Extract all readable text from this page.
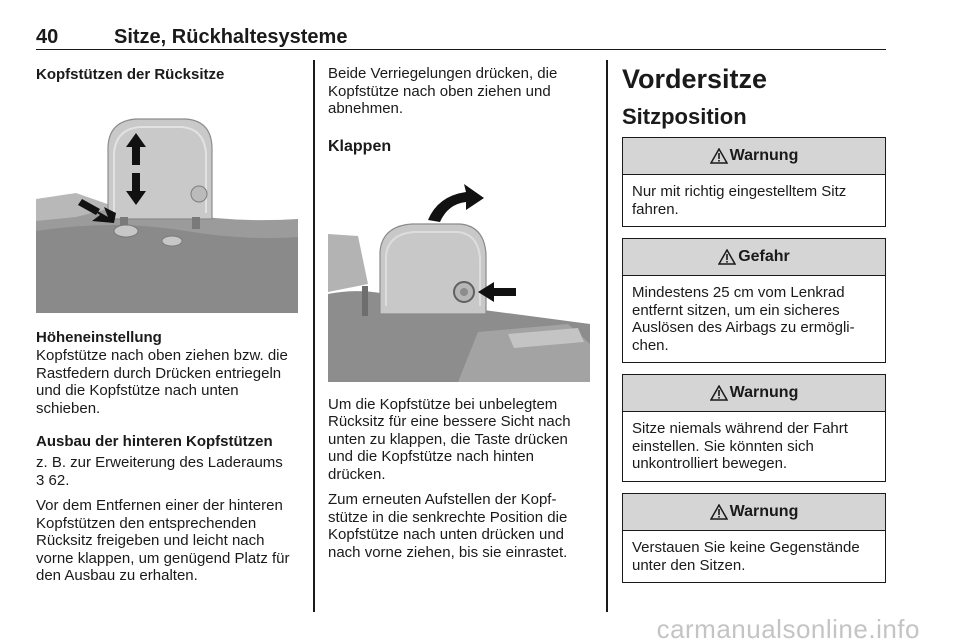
40	Sitze, Rückhaltesysteme
Kopfstützen der Rücksitze
Höheneinstellung
Kopfstütze nach oben ziehen bzw. die Rastfedern durch Drücken entriegeln und die Kopfstütze nach unten schieben.
Ausbau der hinteren Kopfstützen
z. B. zur Erweiterung des Laderaums
3 62.
Vor dem Entfernen einer der hinteren Kopfstützen den entsprechenden Rücksitz freigeben und leicht nach vorne klappen, um genügend Platz für den Ausbau zu erhalten.
Beide Verriegelungen drücken, die Kopfstütze nach oben ziehen und abnehmen.
Klappen
Um die Kopfstütze bei unbelegtem Rücksitz für eine bessere Sicht nach unten zu klappen, die Taste drücken und die Kopfstütze nach hinten drücken.
Zum erneuten Aufstellen der Kopfstütze in die senkrechte Position die Kopfstütze nach unten drücken und nach vorne ziehen, bis sie einrastet.
Vordersitze
Sitzposition
Warnung
Nur mit richtig eingestelltem Sitz fahren.
Gefahr
Mindestens 25 cm vom Lenkrad entfernt sitzen, um ein sicheres Auslösen des Airbags zu ermöglichen.
Warnung
Sitze niemals während der Fahrt einstellen. Sie könnten sich unkontrolliert bewegen.
Warnung
Verstauen Sie keine Gegenstände unter den Sitzen.
carmanualsonline.info
